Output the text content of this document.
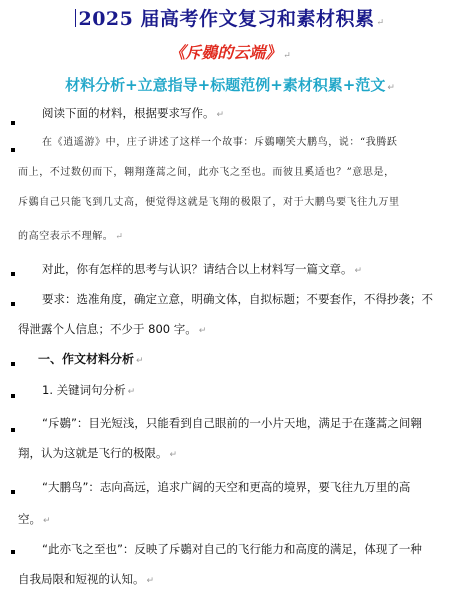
2025 届高考作文复习和素材积累 ↵
《斥鷃的云端》 ↵
材料分析+立意指导+标题范例+素材积累+范文 ↵
阅读下面的材料，根据要求写作。 ↵
在《逍遥游》中，庄子讲述了这样一个故事：斥鷃嘲笑大鹏鸟，说：“我腾跃
而上，不过数仞而下，翱翔蓬蒿之间，此亦飞之至也。而彼且奚适也？”意思是，
斥鷃自己只能飞到几丈高，便觉得这就是飞翔的极限了，对于大鹏鸟要飞往九万里
的高空表示不理解。 ↵
对此，你有怎样的思考与认识？请结合以上材料写一篇文章。 ↵
要求：选准角度，确定立意，明确文体，自拟标题；不要套作，不得抄袭；不
得泄露个人信息；不少于 800 字。 ↵
一、作文材料分析 ↵
1. 关键词句分析 ↵
“斥鷃”：目光短浅，只能看到自己眼前的一小片天地，满足于在蓬蒿之间翱
翔，认为这就是飞行的极限。 ↵
“大鹏鸟”：志向高远，追求广阔的天空和更高的境界，要飞往九万里的高
空。 ↵
“此亦飞之至也”：反映了斥鷃对自己的飞行能力和高度的满足，体现了一种
自我局限和短视的认知。 ↵
